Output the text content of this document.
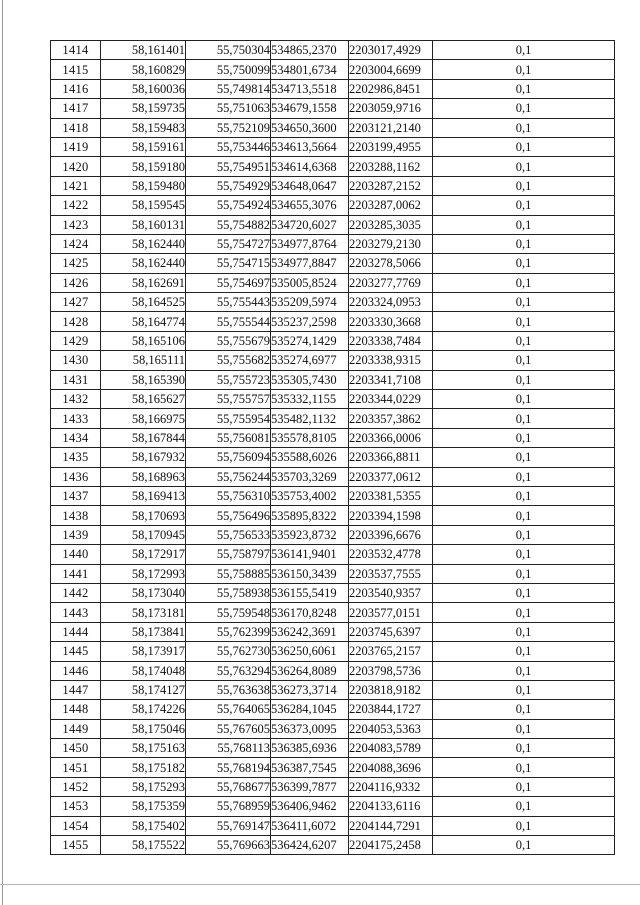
1414	58,161401	55,750304	534865,2370	2203017,4929	0,1
1415	58,160829	55,750099	534801,6734	2203004,6699	0,1
1416	58,160036	55,749814	534713,5518	2202986,8451	0,1
1417	58,159735	55,751063	534679,1558	2203059,9716	0,1
1418	58,159483	55,752109	534650,3600	2203121,2140	0,1
1419	58,159161	55,753446	534613,5664	2203199,4955	0,1
1420	58,159180	55,754951	534614,6368	2203288,1162	0,1
1421	58,159480	55,754929	534648,0647	2203287,2152	0,1
1422	58,159545	55,754924	534655,3076	2203287,0062	0,1
1423	58,160131	55,754882	534720,6027	2203285,3035	0,1
1424	58,162440	55,754727	534977,8764	2203279,2130	0,1
1425	58,162440	55,754715	534977,8847	2203278,5066	0,1
1426	58,162691	55,754697	535005,8524	2203277,7769	0,1
1427	58,164525	55,755443	535209,5974	2203324,0953	0,1
1428	58,164774	55,755544	535237,2598	2203330,3668	0,1
1429	58,165106	55,755679	535274,1429	2203338,7484	0,1
1430	58,165111	55,755682	535274,6977	2203338,9315	0,1
1431	58,165390	55,755723	535305,7430	2203341,7108	0,1
1432	58,165627	55,755757	535332,1155	2203344,0229	0,1
1433	58,166975	55,755954	535482,1132	2203357,3862	0,1
1434	58,167844	55,756081	535578,8105	2203366,0006	0,1
1435	58,167932	55,756094	535588,6026	2203366,8811	0,1
1436	58,168963	55,756244	535703,3269	2203377,0612	0,1
1437	58,169413	55,756310	535753,4002	2203381,5355	0,1
1438	58,170693	55,756496	535895,8322	2203394,1598	0,1
1439	58,170945	55,756533	535923,8732	2203396,6676	0,1
1440	58,172917	55,758797	536141,9401	2203532,4778	0,1
1441	58,172993	55,758885	536150,3439	2203537,7555	0,1
1442	58,173040	55,758938	536155,5419	2203540,9357	0,1
1443	58,173181	55,759548	536170,8248	2203577,0151	0,1
1444	58,173841	55,762399	536242,3691	2203745,6397	0,1
1445	58,173917	55,762730	536250,6061	2203765,2157	0,1
1446	58,174048	55,763294	536264,8089	2203798,5736	0,1
1447	58,174127	55,763638	536273,3714	2203818,9182	0,1
1448	58,174226	55,764065	536284,1045	2203844,1727	0,1
1449	58,175046	55,767605	536373,0095	2204053,5363	0,1
1450	58,175163	55,768113	536385,6936	2204083,5789	0,1
1451	58,175182	55,768194	536387,7545	2204088,3696	0,1
1452	58,175293	55,768677	536399,7877	2204116,9332	0,1
1453	58,175359	55,768959	536406,9462	2204133,6116	0,1
1454	58,175402	55,769147	536411,6072	2204144,7291	0,1
1455	58,175522	55,769663	536424,6207	2204175,2458	0,1
